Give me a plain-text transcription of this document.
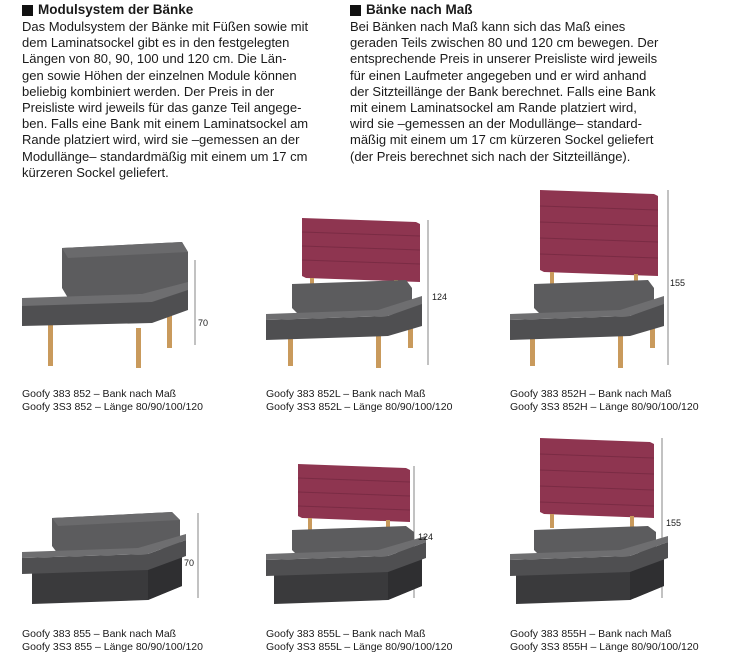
Modulsystem der Bänke

Das Modulsystem der Bänke mit Füßen sowie mit
dem Laminatsockel gibt es in den festgelegten
Längen von 80, 90, 100 und 120 cm. Die Län-
gen sowie Höhen der einzelnen Module können
beliebig kombiniert werden. Der Preis in der
Preisliste wird jeweils für das ganze Teil angege-
ben. Falls eine Bank mit einem Laminatsockel am
Rande platziert wird, wird sie –gemessen an der
Modullänge– standardmäßig mit einem um 17 cm
kürzeren Sockel geliefert.

Bänke nach Maß

Bei Bänken nach Maß kann sich das Maß eines
geraden Teils zwischen 80 und 120 cm bewegen. Der
entsprechende Preis in unserer Preisliste wird jeweils
für einen Laufmeter angegeben und er wird anhand
der Sitzteillänge der Bank berechnet. Falls eine Bank
mit einem Laminatsockel am Rande platziert wird,
wird sie –gemessen an der Modullänge– standard-
mäßig mit einem um 17 cm kürzeren Sockel geliefert
(der Preis berechnet sich nach der Sitzteillänge).

70
Goofy 383 852 – Bank nach Maß
Goofy 3S3 852 – Länge 80/90/100/120
124
Goofy 383 852L – Bank nach Maß
Goofy 3S3 852L – Länge 80/90/100/120
155
Goofy 383 852H – Bank nach Maß
Goofy 3S3 852H – Länge 80/90/100/120
70
Goofy 383 855 – Bank nach Maß
Goofy 3S3 855 – Länge 80/90/100/120
124
Goofy 383 855L – Bank nach Maß
Goofy 3S3 855L – Länge 80/90/100/120
155
Goofy 383 855H – Bank nach Maß
Goofy 3S3 855H – Länge 80/90/100/120
